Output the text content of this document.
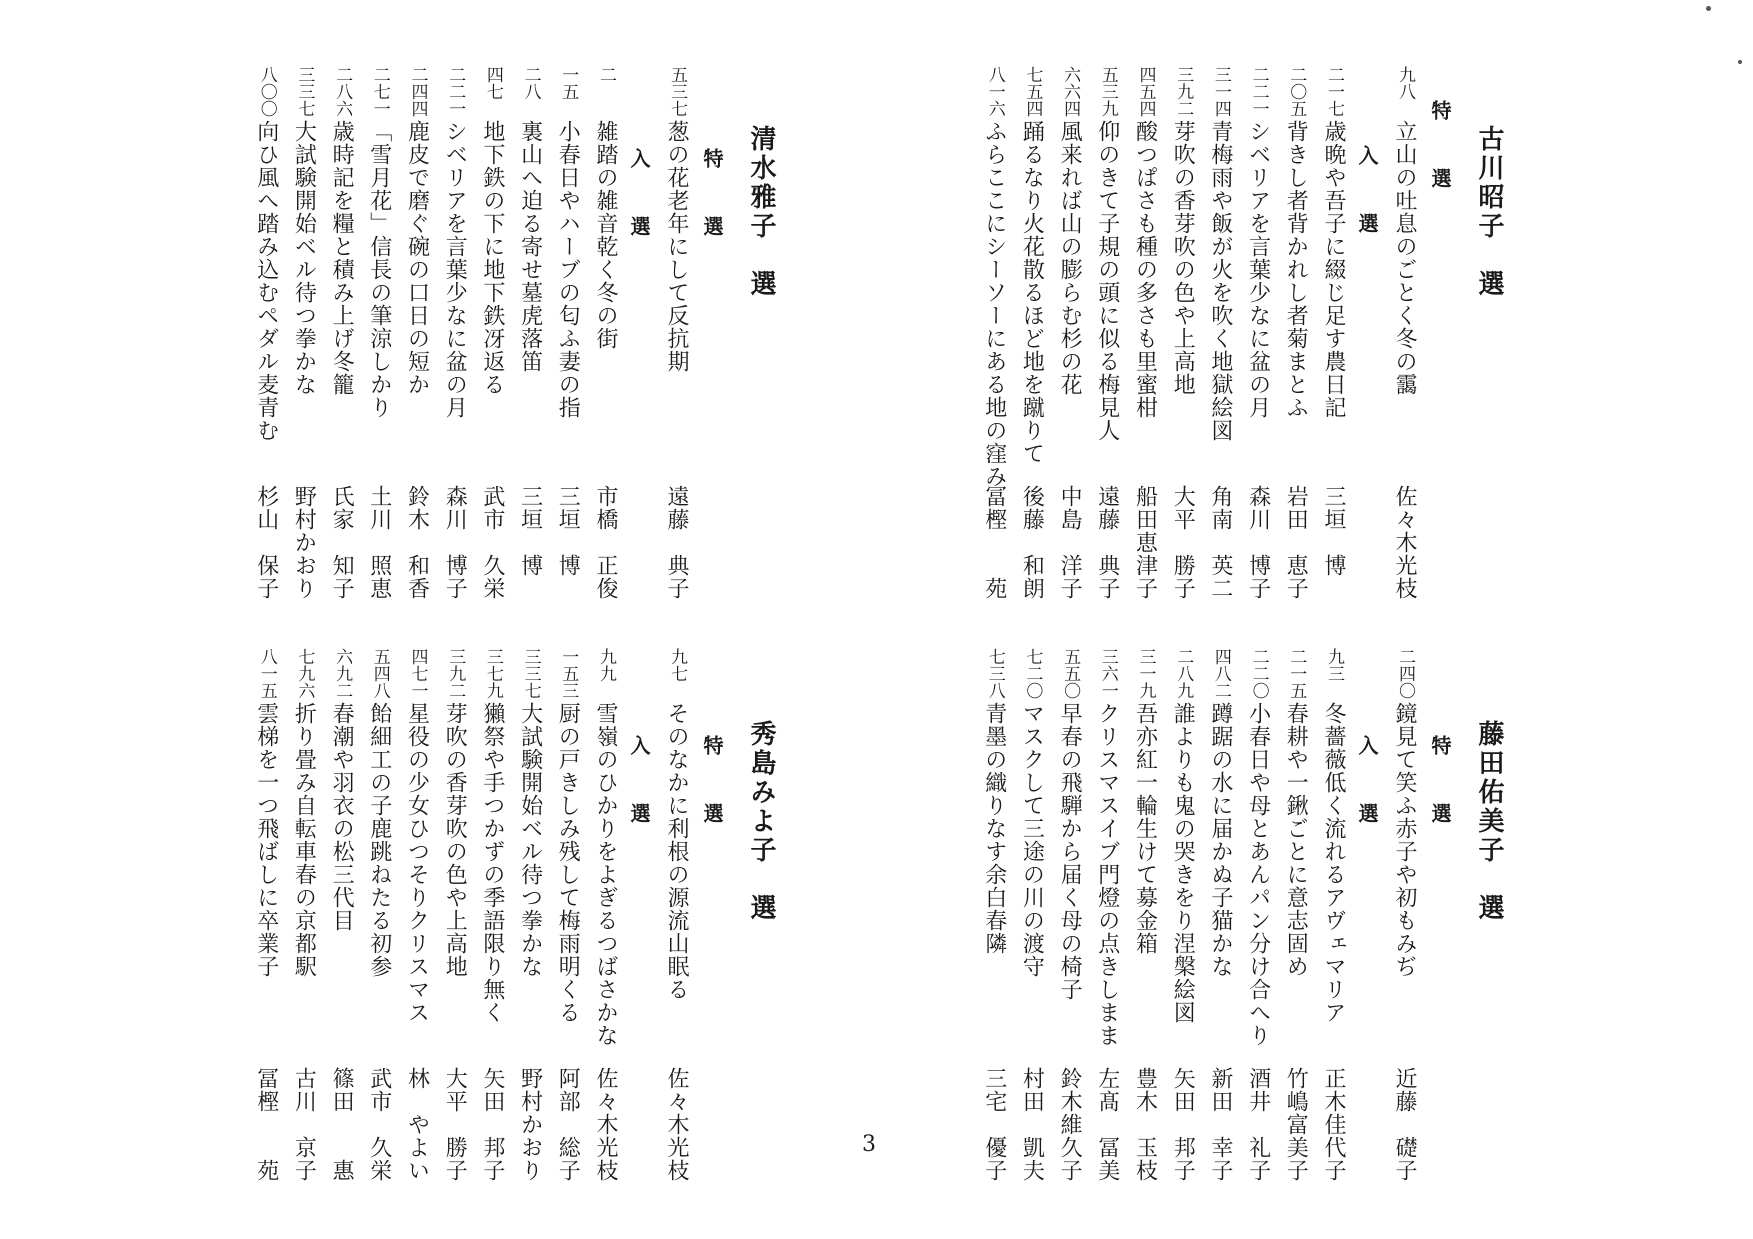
古川昭子　選
特　選
九八
立山の吐息のごとく冬の靄
佐々木光枝
入　選
二一七
歳晩や吾子に綴じ足す農日記
三垣　博
二〇五
背きし者背かれし者菊まとふ
岩田　恵子
二二一
シベリアを言葉少なに盆の月
森川　博子
三一四
青梅雨や飯が火を吹く地獄絵図
角南　英二
三九二
芽吹の香芽吹の色や上高地
大平　勝子
四五四
酸つぱさも種の多さも里蜜柑
船田恵津子
五三九
仰のきて子規の頭に似る梅見人
遠藤　典子
六六四
風来れば山の膨らむ杉の花
中島　洋子
七五四
踊るなり火花散るほど地を蹴りて
後藤　和朗
八一六
ふらここにシーソーにある地の窪み
冨樫　　苑
藤田佑美子　選
特　選
二四〇
鏡見て笑ふ赤子や初もみぢ
近藤　礎子
入　選
九三
冬薔薇低く流れるアヴェマリア
正木佳代子
二一五
春耕や一鍬ごとに意志固め
竹嶋富美子
二二〇
小春日や母とあんパン分け合へり
酒井　礼子
四八二
蹲踞の水に届かぬ子猫かな
新田　幸子
二八九
誰よりも鬼の哭きをり涅槃絵図
矢田　邦子
三一九
吾亦紅一輪生けて募金箱
豊木　玉枝
三六一
クリスマスイブ門燈の点きしまま
左髙　冨美
五五〇
早春の飛騨から届く母の椅子
鈴木維久子
七二〇
マスクして三途の川の渡守
村田　凱夫
七三八
青墨の織りなす余白春隣
三宅　優子
清水雅子　選
特　選
五三七
葱の花老年にして反抗期
遠藤　典子
入　選
二
雑踏の雑音乾く冬の街
市橋　正俊
一五
小春日やハーブの匂ふ妻の指
三垣　博
二八
裏山へ迫る寄せ墓虎落笛
三垣　博
四七
地下鉄の下に地下鉄冴返る
武市　久栄
二二一
シベリアを言葉少なに盆の月
森川　博子
二四四
鹿皮で磨ぐ碗の口日の短か
鈴木　和香
二七一
「雪月花」信長の筆涼しかり
土川　照恵
二八六
歳時記を糧と積み上げ冬籠
氏家　知子
三三七
大試験開始ベル待つ拳かな
野村かおり
八〇〇
向ひ風へ踏み込むペダル麦青む
杉山　保子
秀島みよ子　選
特　選
九七
そのなかに利根の源流山眠る
佐々木光枝
入　選
九九
雪嶺のひかりをよぎるつばさかな
佐々木光枝
一五三
厨の戸きしみ残して梅雨明くる
阿部　総子
三三七
大試験開始ベル待つ拳かな
野村かおり
三七九
獺祭や手つかずの季語限り無く
矢田　邦子
三九二
芽吹の香芽吹の色や上高地
大平　勝子
四七一
星役の少女ひつそりクリスマス
林　やよい
五四八
飴細工の子鹿跳ねたる初参
武市　久栄
六九二
春潮や羽衣の松三代目
篠田　　惠
七九六
折り畳み自転車春の京都駅
古川　京子
八一五
雲梯を一つ飛ばしに卒業子
冨樫　　苑	3
